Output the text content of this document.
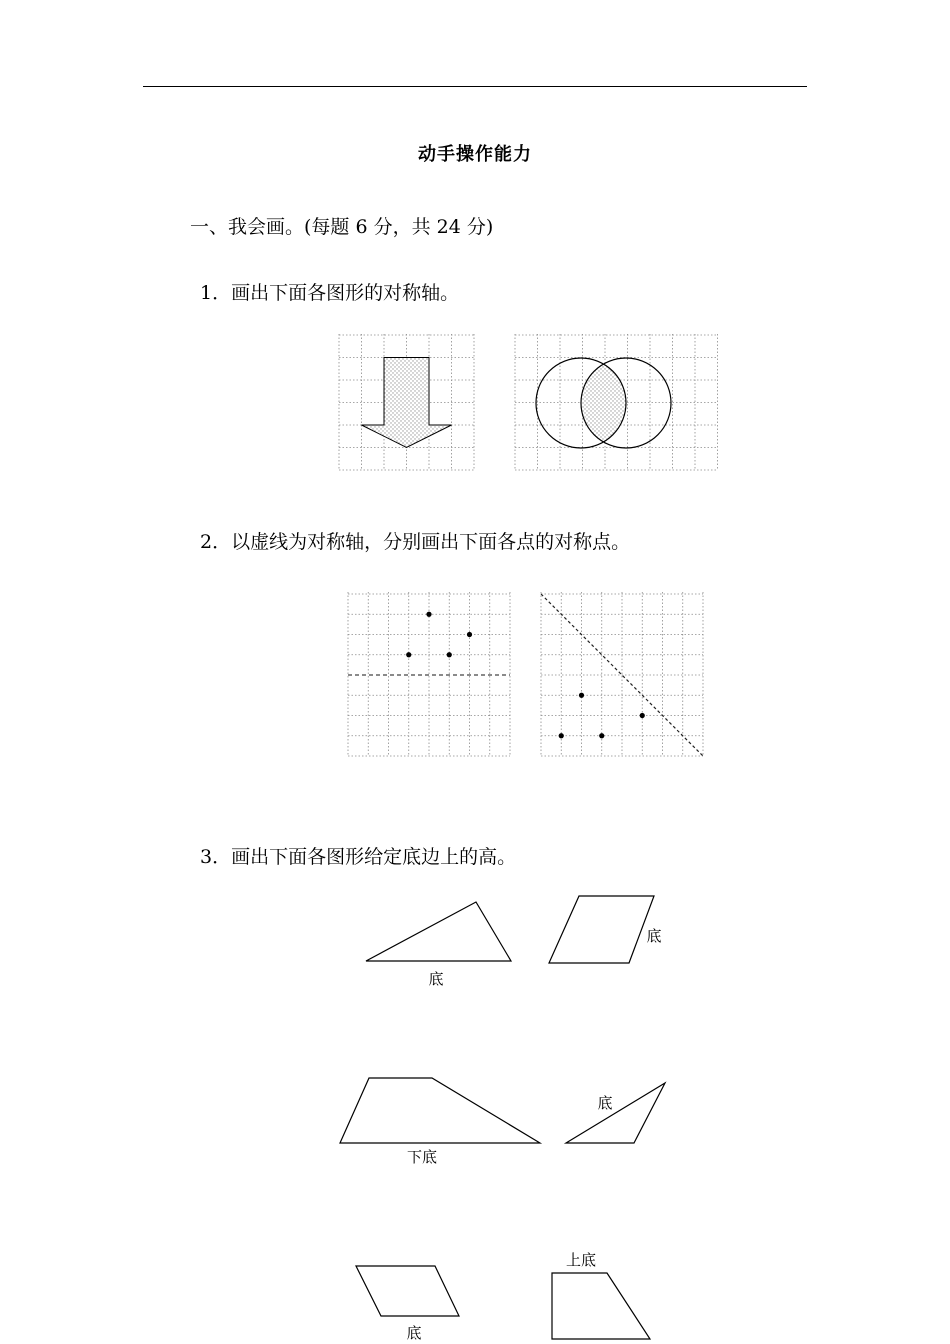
动手操作能力
一、我会画。(每题 6 分，共 24 分)
1．画出下面各图形的对称轴。
2．以虚线为对称轴，分别画出下面各点的对称点。
3．画出下面各图形给定底边上的高。
底
底
下底
底
底
上底
